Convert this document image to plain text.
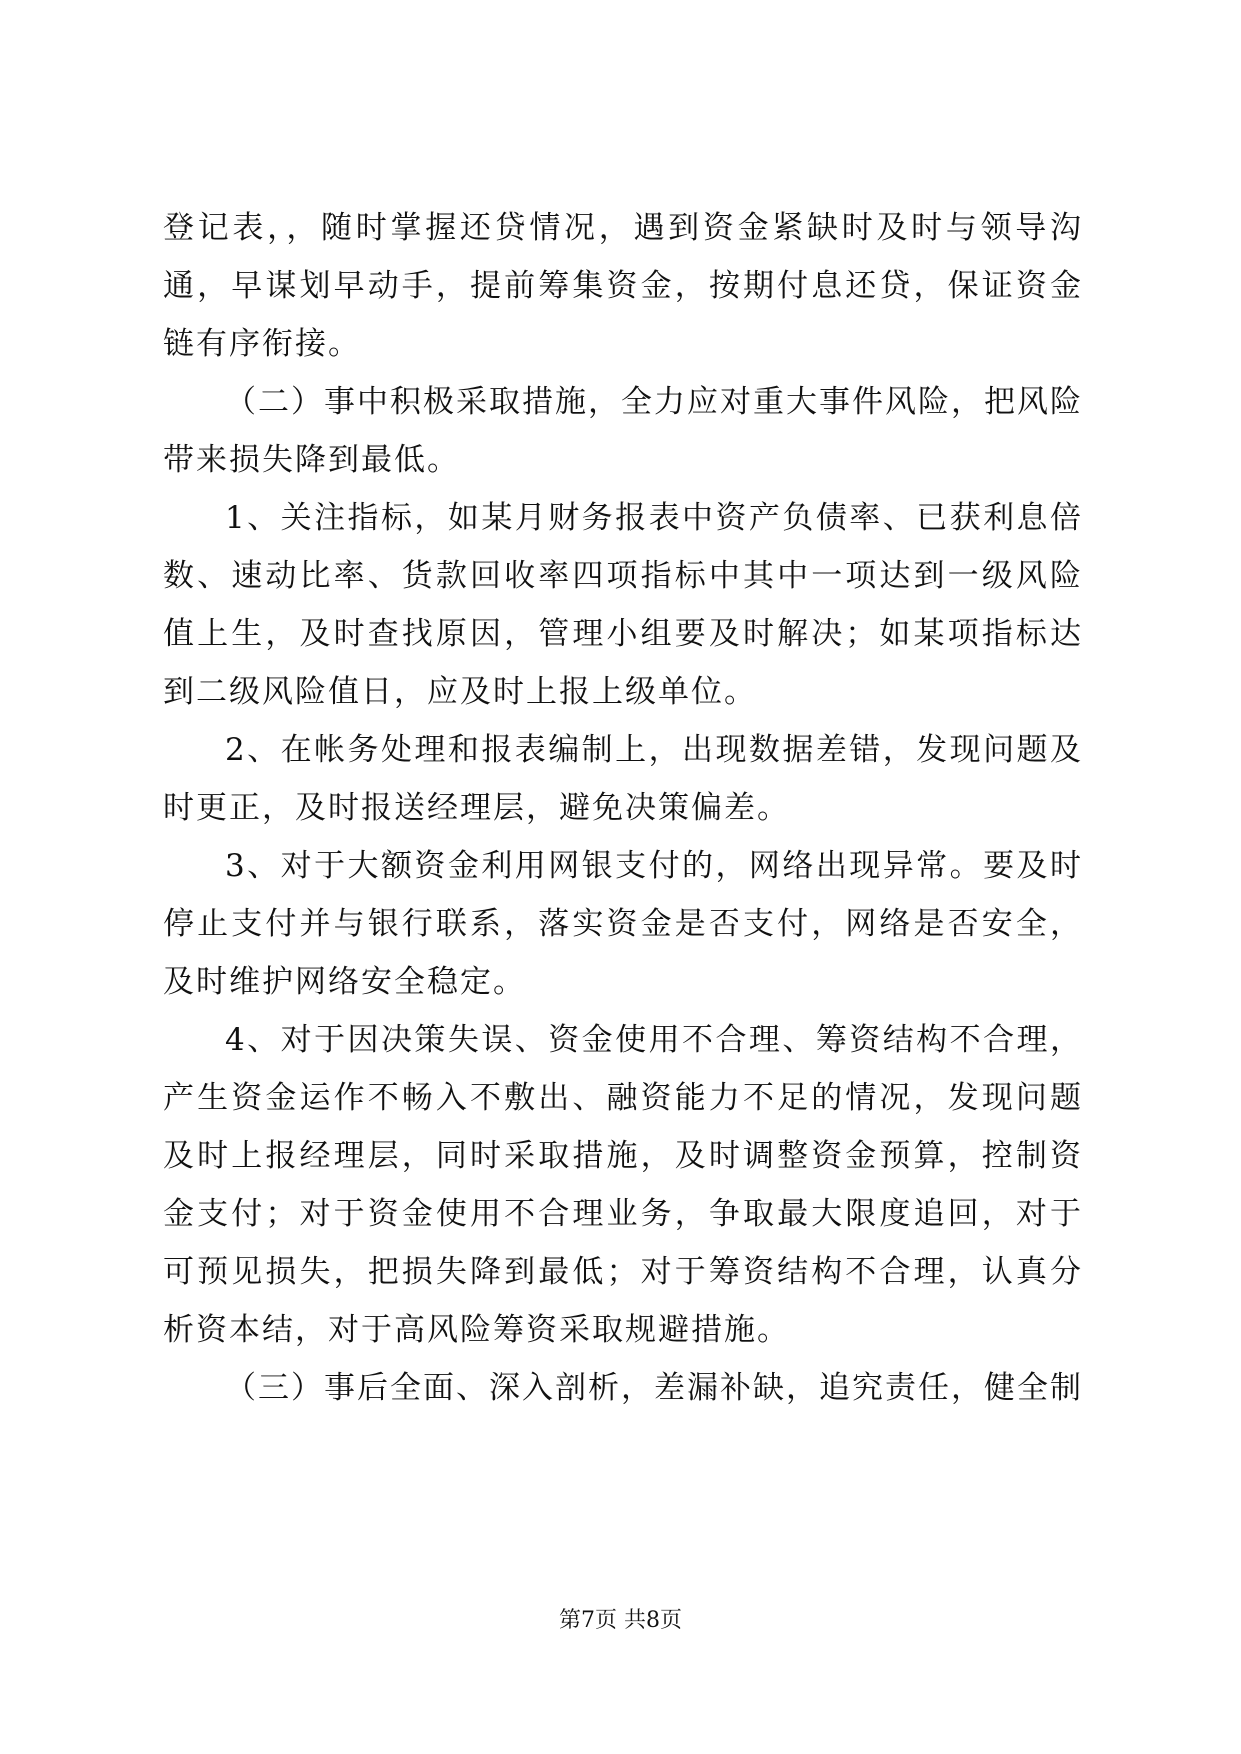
登记表，，随时掌握还贷情况，遇到资金紧缺时及时与领导沟通，早谋划早动手，提前筹集资金，按期付息还贷，保证资金链有序衔接。

（二）事中积极采取措施，全力应对重大事件风险，把风险带来损失降到最低。

1、关注指标，如某月财务报表中资产负债率、已获利息倍数、速动比率、货款回收率四项指标中其中一项达到一级风险值上生，及时查找原因，管理小组要及时解决；如某项指标达到二级风险值日，应及时上报上级单位。

2、在帐务处理和报表编制上，出现数据差错，发现问题及时更正，及时报送经理层，避免决策偏差。

3、对于大额资金利用网银支付的，网络出现异常。要及时停止支付并与银行联系，落实资金是否支付，网络是否安全，及时维护网络安全稳定。

4、对于因决策失误、资金使用不合理、筹资结构不合理，产生资金运作不畅入不敷出、融资能力不足的情况，发现问题及时上报经理层，同时采取措施，及时调整资金预算，控制资金支付；对于资金使用不合理业务，争取最大限度追回，对于可预见损失，把损失降到最低；对于筹资结构不合理，认真分析资本结，对于高风险筹资采取规避措施。

（三）事后全面、深入剖析，差漏补缺，追究责任，健全制

第7页 共8页
